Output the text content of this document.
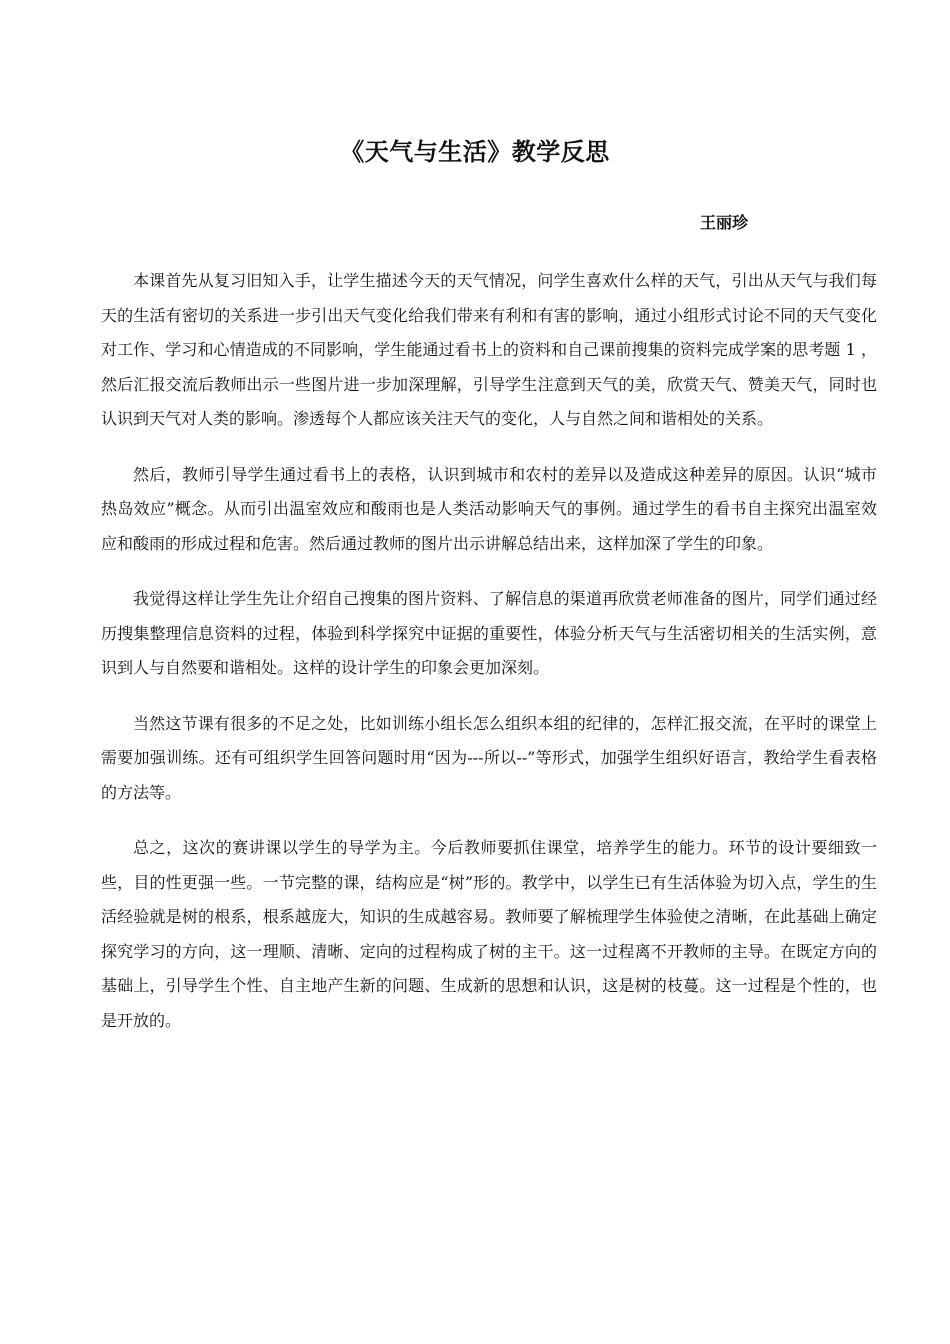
《天气与生活》教学反思
王丽珍

本课首先从复习旧知入手，让学生描述今天的天气情况，问学生喜欢什么样的天气，引出从天气与我们每天的生活有密切的关系进一步引出天气变化给我们带来有利和有害的影响，通过小组形式讨论不同的天气变化对工作、学习和心情造成的不同影响，学生能通过看书上的资料和自己课前搜集的资料完成学案的思考题 1 ，然后汇报交流后教师出示一些图片进一步加深理解，引导学生注意到天气的美，欣赏天气、赞美天气，同时也认识到天气对人类的影响。渗透每个人都应该关注天气的变化，人与自然之间和谐相处的关系。

然后，教师引导学生通过看书上的表格，认识到城市和农村的差异以及造成这种差异的原因。认识“城市热岛效应”概念。从而引出温室效应和酸雨也是人类活动影响天气的事例。通过学生的看书自主探究出温室效应和酸雨的形成过程和危害。然后通过教师的图片出示讲解总结出来，这样加深了学生的印象。

我觉得这样让学生先让介绍自己搜集的图片资料、了解信息的渠道再欣赏老师准备的图片，同学们通过经历搜集整理信息资料的过程，体验到科学探究中证据的重要性，体验分析天气与生活密切相关的生活实例，意识到人与自然要和谐相处。这样的设计学生的印象会更加深刻。

当然这节课有很多的不足之处，比如训练小组长怎么组织本组的纪律的，怎样汇报交流，在平时的课堂上需要加强训练。还有可组织学生回答问题时用“因为---所以--”等形式，加强学生组织好语言，教给学生看表格的方法等。

总之，这次的赛讲课以学生的导学为主。今后教师要抓住课堂，培养学生的能力。环节的设计要细致一些，目的性更强一些。一节完整的课，结构应是“树”形的。教学中，以学生已有生活体验为切入点，学生的生活经验就是树的根系，根系越庞大，知识的生成越容易。教师要了解梳理学生体验使之清晰，在此基础上确定探究学习的方向，这一理顺、清晰、定向的过程构成了树的主干。这一过程离不开教师的主导。在既定方向的基础上，引导学生个性、自主地产生新的问题、生成新的思想和认识，这是树的枝蔓。这一过程是个性的，也是开放的。
